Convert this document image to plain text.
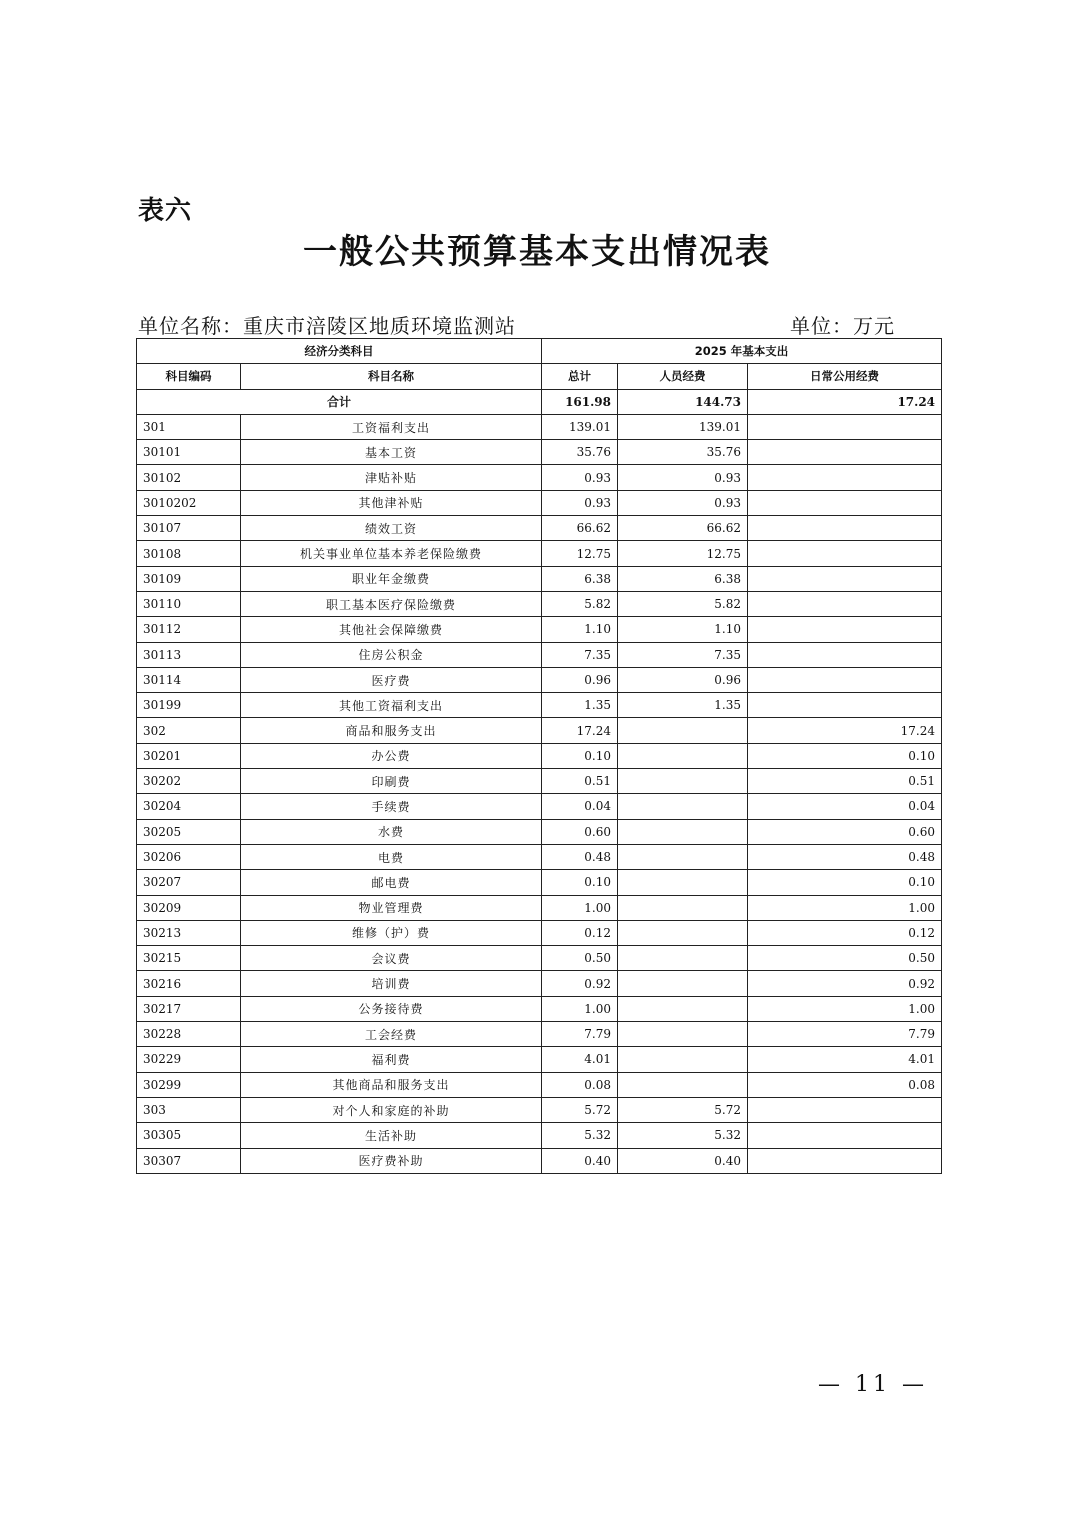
表六
一般公共预算基本支出情况表
单位名称：重庆市涪陵区地质环境监测站	单位：万元
经济分类科目		2025 年基本支出		
科目编码	科目名称	总计	人员经费	日常公用经费
合计		161.98	144.73	17.24
301	工资福利支出	139.01	139.01	
30101	基本工资	35.76	35.76	
30102	津贴补贴	0.93	0.93	
3010202	其他津补贴	0.93	0.93	
30107	绩效工资	66.62	66.62	
30108	机关事业单位基本养老保险缴费	12.75	12.75	
30109	职业年金缴费	6.38	6.38	
30110	职工基本医疗保险缴费	5.82	5.82	
30112	其他社会保障缴费	1.10	1.10	
30113	住房公积金	7.35	7.35	
30114	医疗费	0.96	0.96	
30199	其他工资福利支出	1.35	1.35	
302	商品和服务支出	17.24		17.24
30201	办公费	0.10		0.10
30202	印刷费	0.51		0.51
30204	手续费	0.04		0.04
30205	水费	0.60		0.60
30206	电费	0.48		0.48
30207	邮电费	0.10		0.10
30209	物业管理费	1.00		1.00
30213	维修（护）费	0.12		0.12
30215	会议费	0.50		0.50
30216	培训费	0.92		0.92
30217	公务接待费	1.00		1.00
30228	工会经费	7.79		7.79
30229	福利费	4.01		4.01
30299	其他商品和服务支出	0.08		0.08
303	对个人和家庭的补助	5.72	5.72	
30305	生活补助	5.32	5.32	
30307	医疗费补助	0.40	0.40	
— 11 —
